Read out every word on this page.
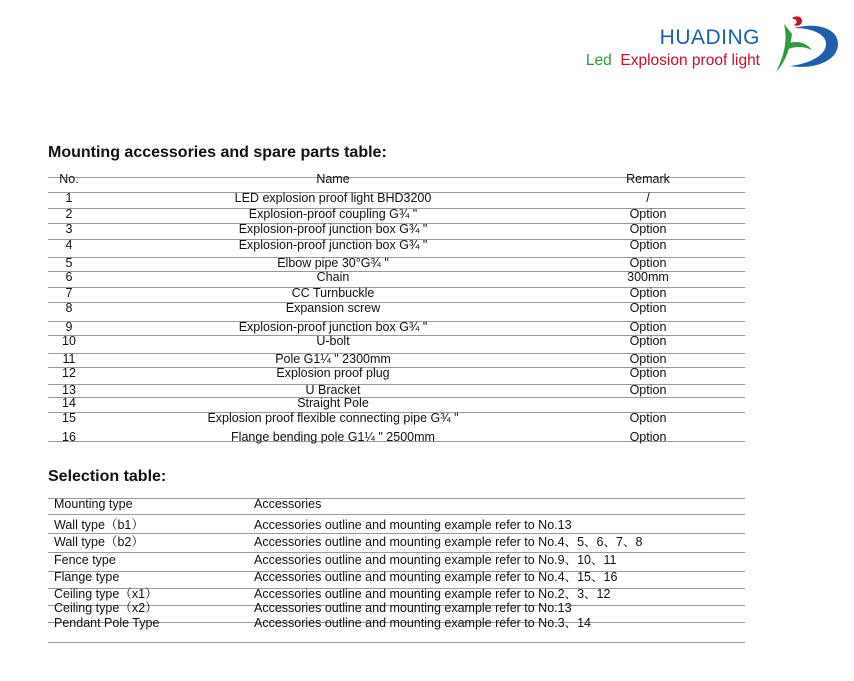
HUADING
Led Explosion proof light
Mounting accessories and spare parts table:
No.	Name	Remark
1	LED explosion proof light BHD3200	/
2	Explosion-proof coupling G¾ "	Option
3	Explosion-proof junction box G¾ "	Option
4	Explosion-proof junction box G¾ "	Option
5	Elbow pipe 30°G¾ "	Option
6	Chain	300mm
7	CC Turnbuckle	Option
8	Expansion screw	Option
9	Explosion-proof junction box G¾ "	Option
10	U-bolt	Option
11	Pole G1¼ " 2300mm	Option
12	Explosion proof plug	Option
13	U Bracket	Option
14	Straight Pole
15	Explosion proof flexible connecting pipe G¾ "	Option
16	Flange bending pole G1¼ " 2500mm	Option
Selection table:
Mounting type	Accessories
Wall type（b1）	Accessories outline and mounting example refer to No.13
Wall type（b2）	Accessories outline and mounting example refer to No.4、5、6、7、8
Fence type	Accessories outline and mounting example refer to No.9、10、11
Flange type	Accessories outline and mounting example refer to No.4、15、16
Ceiling type（x1）	Accessories outline and mounting example refer to No.2、3、12
Ceiling type（x2）	Accessories outline and mounting example refer to No.13
Pendant Pole Type	Accessories outline and mounting example refer to No.3、14
